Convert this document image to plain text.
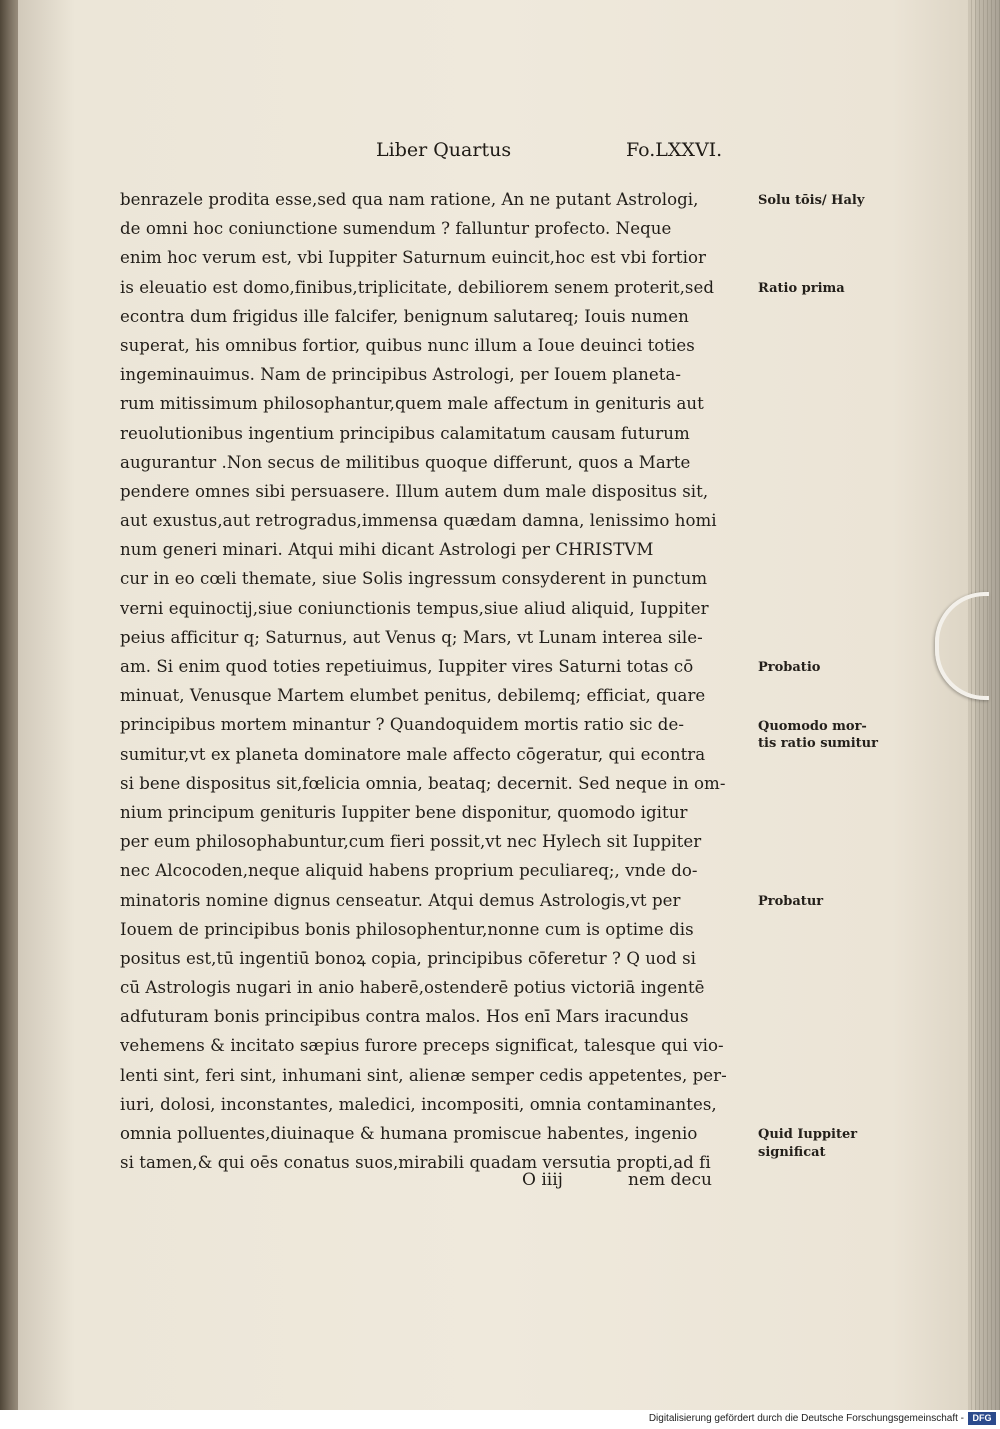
Liber Quartus	Fo.LXXVI.
benrazele prodita esse,sed qua nam ratione, An ne putant Astrologi,
de omni hoc coniunctione sumendum ? falluntur profecto. Neque
enim hoc verum est, vbi Iuppiter Saturnum euincit,hoc est vbi fortior
is eleuatio est domo,finibus,triplicitate, debiliorem senem proterit,sed
econtra dum frigidus ille falcifer, benignum salutareq; Iouis numen
superat, his omnibus fortior, quibus nunc illum a Ioue deuinci toties
ingeminauimus. Nam de principibus Astrologi, per Iouem planeta-
rum mitissimum philosophantur,quem male affectum in genituris aut
reuolutionibus ingentium principibus calamitatum causam futurum
augurantur .Non secus de militibus quoque differunt, quos a Marte
pendere omnes sibi persuasere. Illum autem dum male dispositus sit,
aut exustus,aut retrogradus,immensa quædam damna, lenissimo homi
num generi minari. Atqui mihi dicant Astrologi per CHRISTVM
cur in eo cœli themate, siue Solis ingressum consyderent in punctum
verni equinoctij,siue coniunctionis tempus,siue aliud aliquid, Iuppiter
peius afficitur q; Saturnus, aut Venus q; Mars, vt Lunam interea sile-
am. Si enim quod toties repetiuimus, Iuppiter vires Saturni totas cō
minuat, Venusque Martem elumbet penitus, debilemq; efficiat, quare
principibus mortem minantur ? Quandoquidem mortis ratio sic de-
sumitur,vt ex planeta dominatore male affecto cōgeratur, qui econtra
si bene dispositus sit,fœlicia omnia, beataq; decernit. Sed neque in om-
nium principum genituris Iuppiter bene disponitur, quomodo igitur
per eum philosophabuntur,cum fieri possit,vt nec Hylech sit Iuppiter
nec Alcocoden,neque aliquid habens proprium peculiareq;, vnde do-
minatoris nomine dignus censeatur. Atqui demus Astrologis,vt per
Iouem de principibus bonis philosophentur,nonne cum is optime dis
positus est,tū ingentiū bonoꝝ copia, principibus cōferetur ? Q uod si
cū Astrologis nugari in anio haberē,ostenderē potius victoriā ingentē
adfuturam bonis principibus contra malos. Hos enī Mars iracundus
vehemens & incitato sæpius furore preceps significat, talesque qui vio-
lenti sint, feri sint, inhumani sint, alienæ semper cedis appetentes, per-
iuri, dolosi, inconstantes, maledici, incompositi, omnia contaminantes,
omnia polluentes,diuinaque & humana promiscue habentes, ingenio
si tamen,& qui oēs conatus suos,mirabili quadam versutia propti,ad fi
O iiij	nem decu
Solu tōis/ Haly
Ratio prima
Probatio
Quomodo mor-
tis ratio sumitur
Probatur
Quid Iuppiter
significat
Digitalisierung gefördert durch die Deutsche Forschungsgemeinschaft - DFG
